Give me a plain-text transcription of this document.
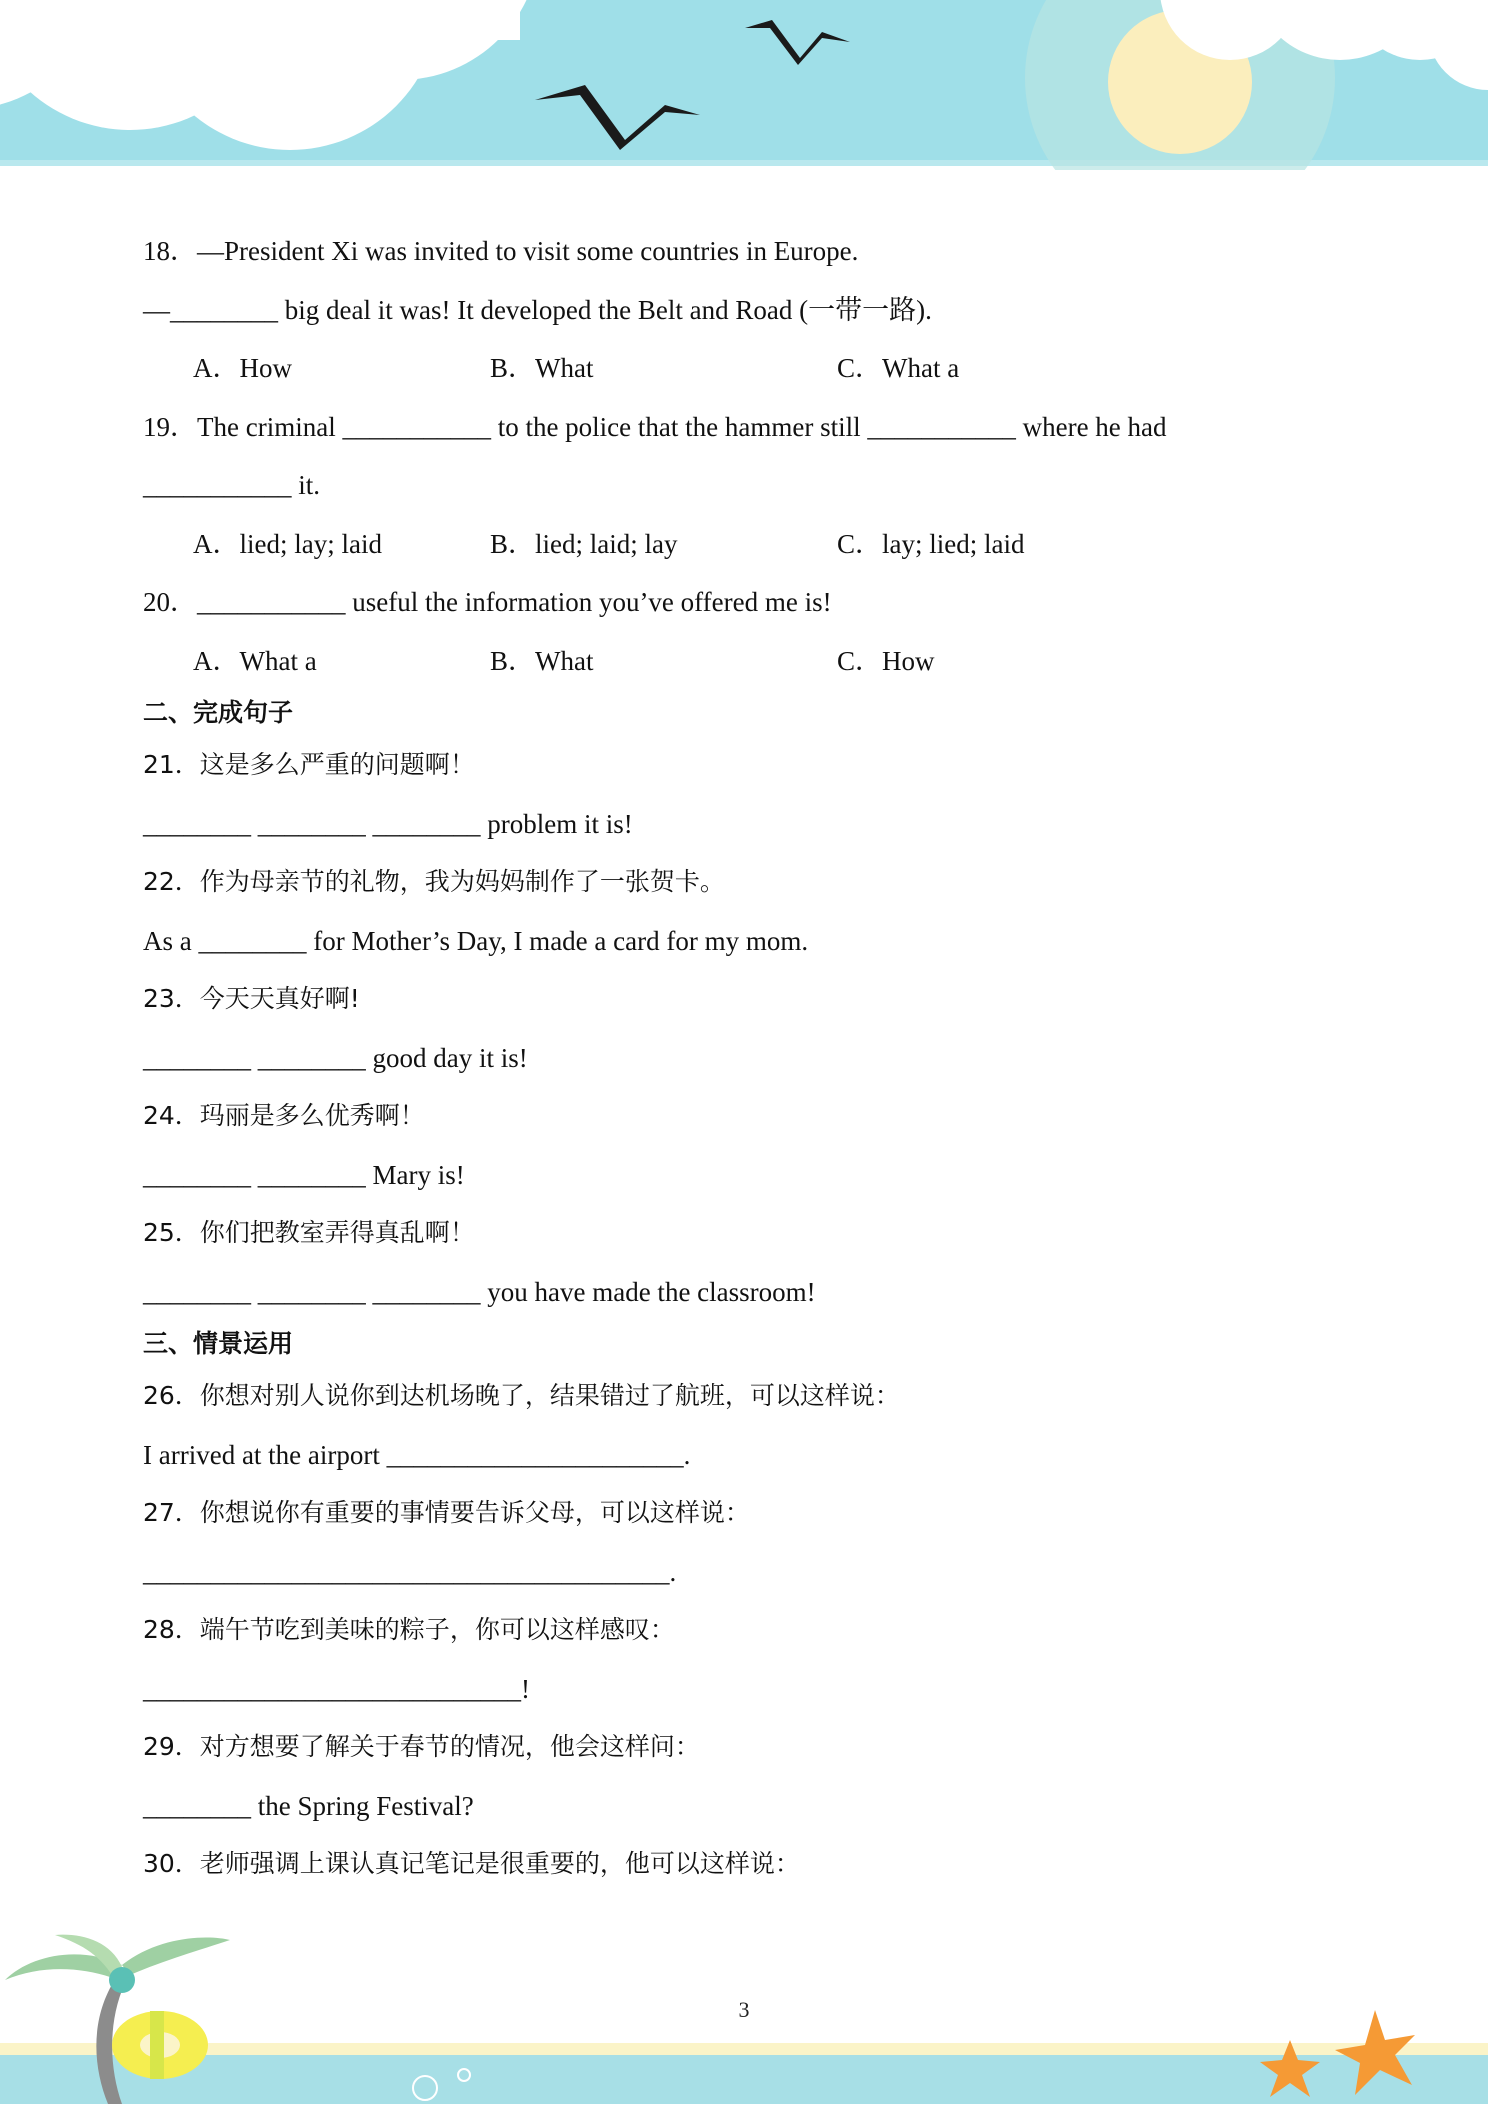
18．—President Xi was invited to visit some countries in Europe.
—________ big deal it was! It developed the Belt and Road (一带一路).
A．How	B．What	C．What a
19．The criminal ___________ to the police that the hammer still ___________ where he had
___________ it.
A．lied; lay; laid	B．lied; laid; lay	C．lay; lied; laid
20．___________ useful the information you’ve offered me is!
A．What a	B．What	C．How
二、完成句子
21．这是多么严重的问题啊！
________ ________ ________ problem it is!
22．作为母亲节的礼物，我为妈妈制作了一张贺卡。
As a ________ for Mother’s Day, I made a card for my mom.
23．今天天真好啊!
________ ________ good day it is!
24．玛丽是多么优秀啊！
________ ________ Mary is!
25．你们把教室弄得真乱啊！
________ ________ ________ you have made the classroom!
三、情景运用
26．你想对别人说你到达机场晚了，结果错过了航班，可以这样说：
I arrived at the airport ______________________.
27．你想说你有重要的事情要告诉父母，可以这样说：
_______________________________________.
28．端午节吃到美味的粽子，你可以这样感叹：
____________________________!
29．对方想要了解关于春节的情况，他会这样问：
________ the Spring Festival?
30．老师强调上课认真记笔记是很重要的，他可以这样说：
3
